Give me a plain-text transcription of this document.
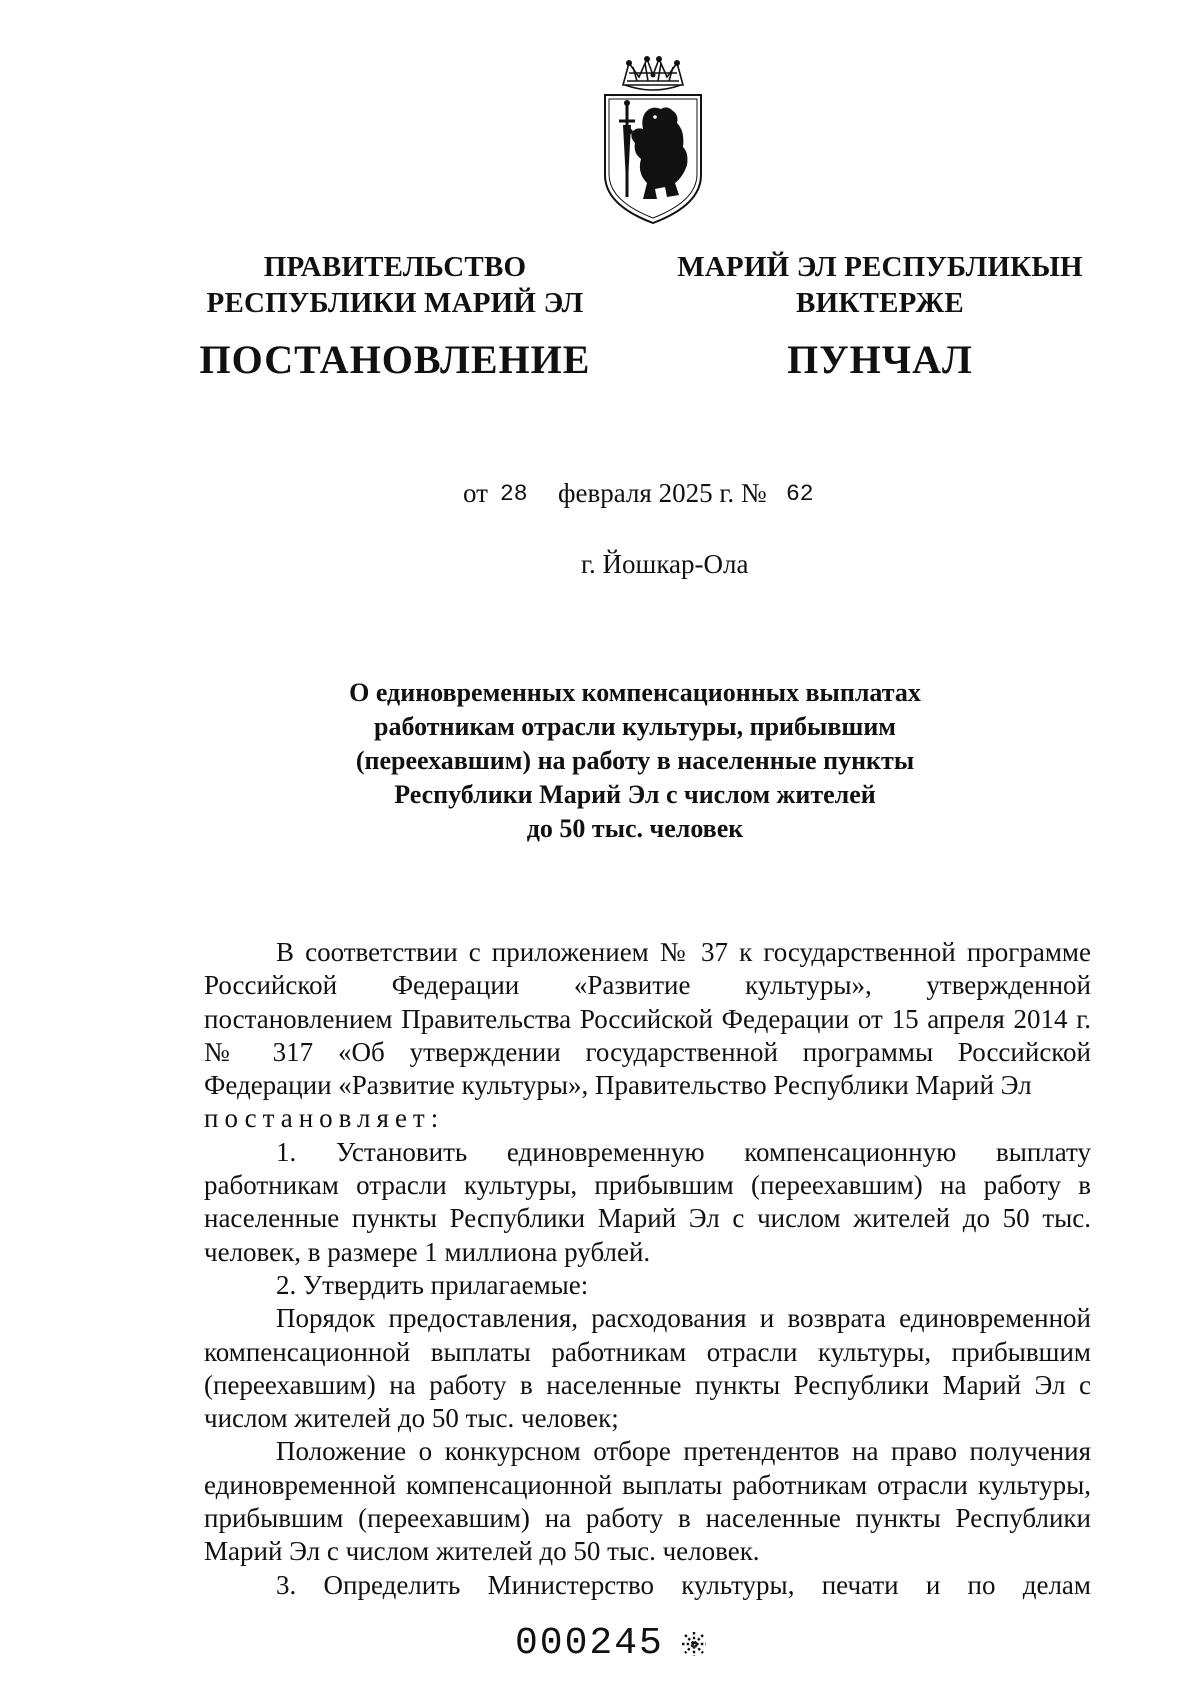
ПРАВИТЕЛЬСТВО
РЕСПУБЛИКИ МАРИЙ ЭЛ
ПОСТАНОВЛЕНИЕ
МАРИЙ ЭЛ РЕСПУБЛИКЫН
ВИКТЕРЖЕ
ПУНЧАЛ
от 28 февраля 2025 г. № 62
г. Йошкар-Ола
О единовременных компенсационных выплатах
работникам отрасли культуры, прибывшим
(переехавшим) на работу в населенные пункты
Республики Марий Эл с числом жителей
до 50 тыс. человек

В соответствии с приложением № 37 к государственной программе Российской Федерации «Развитие культуры», утвержденной постановлением Правительства Российской Федерации от 15 апреля 2014 г. № 317 «Об утверждении государственной программы Российской Федерации «Развитие культуры», Правительство Республики Марий Эл
постановляет:

1. Установить единовременную компенсационную выплату работникам отрасли культуры, прибывшим (переехавшим) на работу в населенные пункты Республики Марий Эл с числом жителей до 50 тыс. человек, в размере 1 миллиона рублей.

2. Утвердить прилагаемые:

Порядок предоставления, расходования и возврата единовременной компенсационной выплаты работникам отрасли культуры, прибывшим (переехавшим) на работу в населенные пункты Республики Марий Эл с числом жителей до 50 тыс. человек;

Положение о конкурсном отборе претендентов на право получения единовременной компенсационной выплаты работникам отрасли культуры, прибывшим (переехавшим) на работу в населенные пункты Республики Марий Эл с числом жителей до 50 тыс. человек.

3. Определить Министерство культуры, печати и по делам

000245
